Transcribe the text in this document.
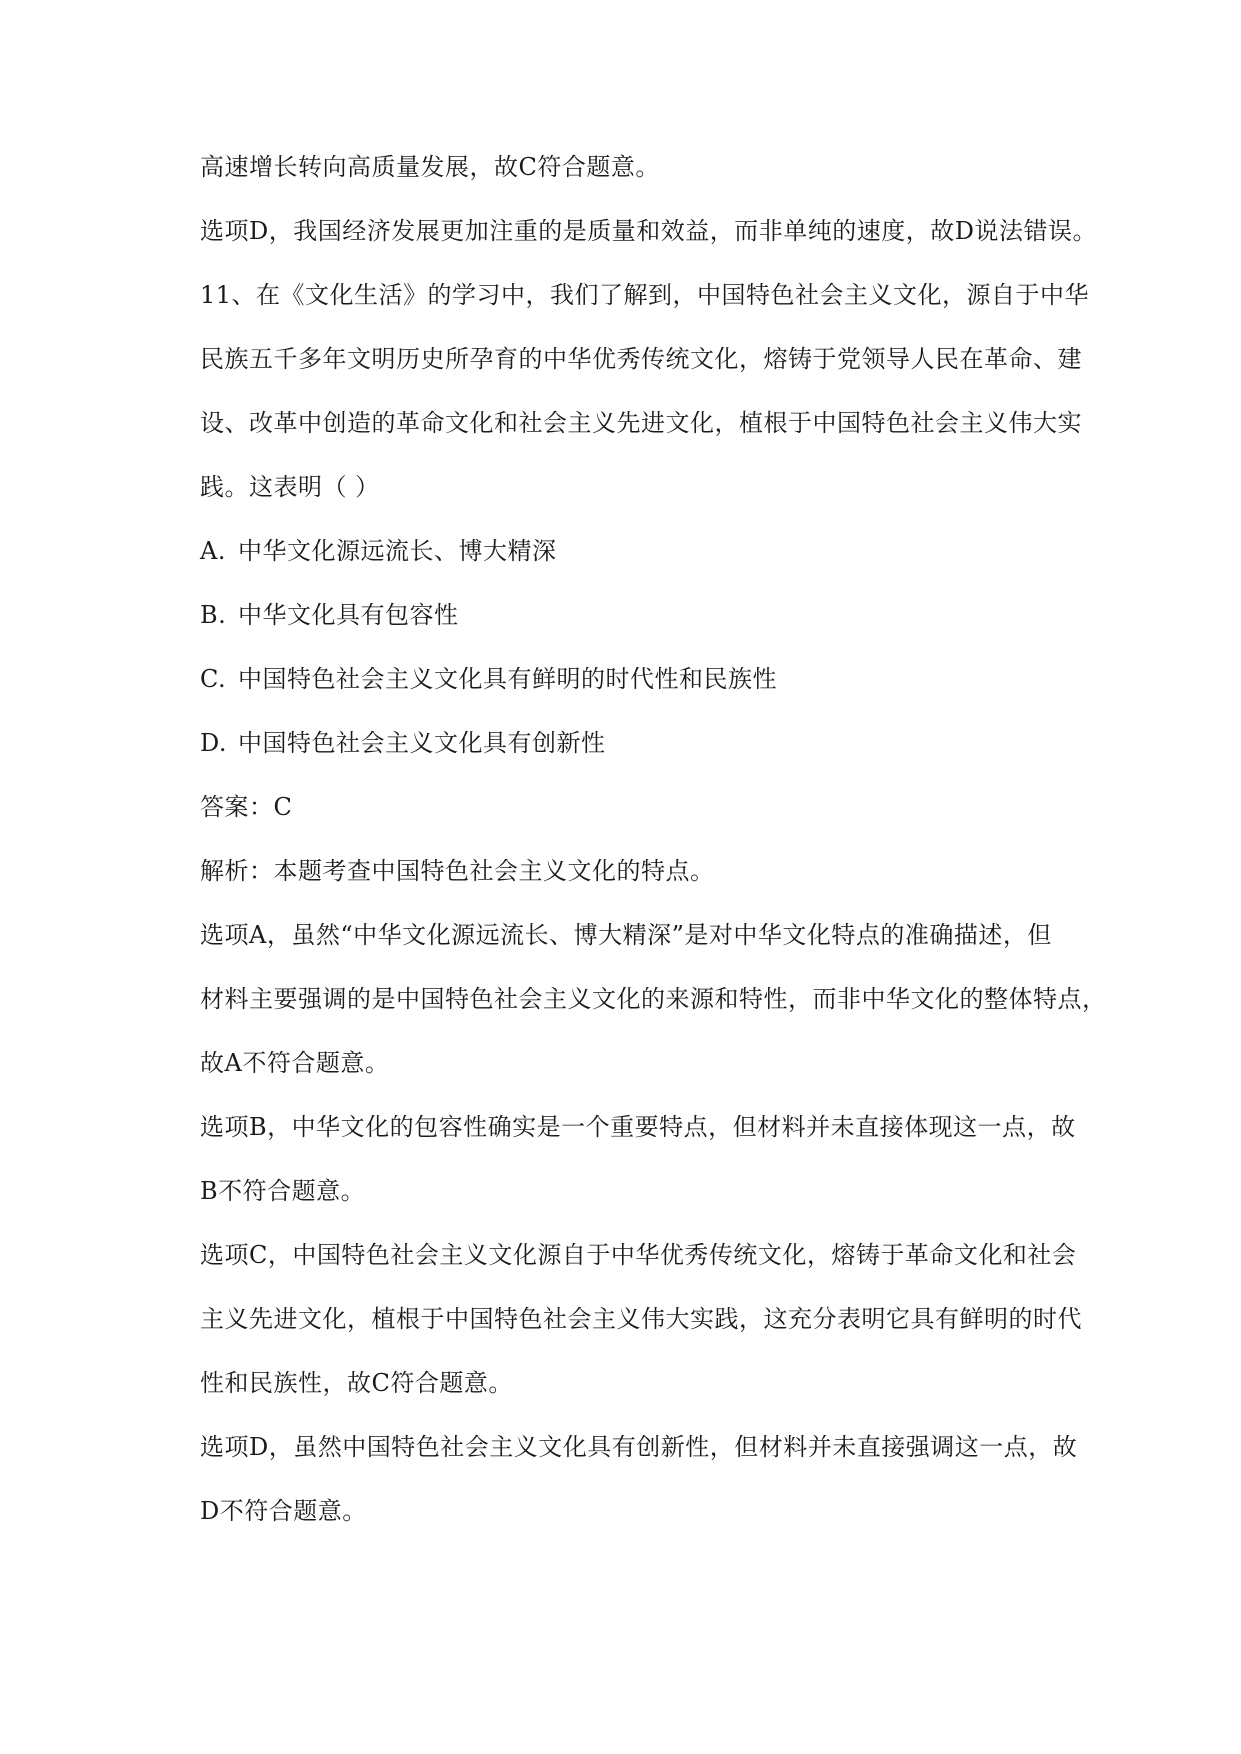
高速增长转向高质量发展，故C符合题意。
选项D，我国经济发展更加注重的是质量和效益，而非单纯的速度，故D说法错误。
11、在《文化生活》的学习中，我们了解到，中国特色社会主义文化，源自于中华
民族五千多年文明历史所孕育的中华优秀传统文化，熔铸于党领导人民在革命、建
设、改革中创造的革命文化和社会主义先进文化，植根于中国特色社会主义伟大实
践。这表明（ ）
A. 中华文化源远流长、博大精深
B. 中华文化具有包容性
C. 中国特色社会主义文化具有鲜明的时代性和民族性
D. 中国特色社会主义文化具有创新性
答案：C
解析：本题考查中国特色社会主义文化的特点。
选项A，虽然“中华文化源远流长、博大精深”是对中华文化特点的准确描述，但
材料主要强调的是中国特色社会主义文化的来源和特性，而非中华文化的整体特点，
故A不符合题意。
选项B，中华文化的包容性确实是一个重要特点，但材料并未直接体现这一点，故
B不符合题意。
选项C，中国特色社会主义文化源自于中华优秀传统文化，熔铸于革命文化和社会
主义先进文化，植根于中国特色社会主义伟大实践，这充分表明它具有鲜明的时代
性和民族性，故C符合题意。
选项D，虽然中国特色社会主义文化具有创新性，但材料并未直接强调这一点，故
D不符合题意。
